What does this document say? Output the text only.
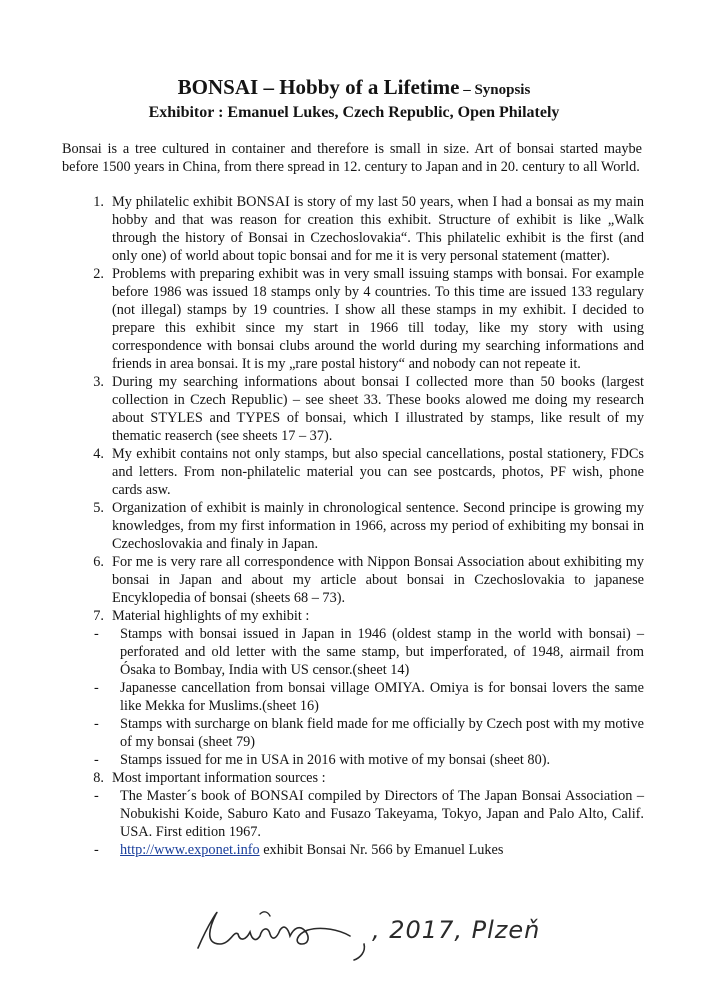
BONSAI – Hobby of a Lifetime – Synopsis
Exhibitor : Emanuel Lukes, Czech Republic, Open Philately
Bonsai is a tree cultured in container and therefore is small in size. Art of bonsai started maybe before 1500 years in China, from there spread in 12. century to Japan and in 20. century to all World.
1. My philatelic exhibit BONSAI is story of my last 50 years, when I had a bonsai as my main hobby and that was reason for creation this exhibit. Structure of exhibit is like „Walk through the history of Bonsai in Czechoslovakia“. This philatelic exhibit is the first (and only one) of world about topic bonsai and for me it is very personal statement (matter).
2. Problems with preparing exhibit was in very small issuing stamps with bonsai. For example before 1986 was issued 18 stamps only by 4 countries. To this time are issued 133 regulary (not illegal) stamps by 19 countries. I show all these stamps in my exhibit. I decided to prepare this exhibit since my start in 1966 till today, like my story with using correspondence with bonsai clubs around the world during my searching informations and friends in area bonsai. It is my „rare postal history“ and nobody can not repeate it.
3. During my searching informations about bonsai I collected more than 50 books (largest collection in Czech Republic) – see sheet 33. These books alowed me doing my research about STYLES and TYPES of bonsai, which I illustrated by stamps, like result of my thematic reaserch (see sheets 17 – 37).
4. My exhibit contains not only stamps, but also special cancellations, postal stationery, FDCs and letters. From non-philatelic material you can see postcards, photos, PF wish, phone cards asw.
5. Organization of exhibit is mainly in chronological sentence. Second principe is growing my knowledges, from my first information in 1966, across my period of exhibiting my bonsai in Czechoslovakia and finaly in Japan.
6. For me is very rare all correspondence with Nippon Bonsai Association about exhibiting my bonsai in Japan and about my article about bonsai in Czechoslovakia to japanese Encyklopedia of bonsai (sheets 68 – 73).
7. Material highlights of my exhibit :
-	Stamps with bonsai issued in Japan in 1946 (oldest stamp in the world with bonsai) – perforated and old letter with the same stamp, but imperforated, of 1948, airmail from Ósaka to Bombay, India with US censor.(sheet 14)
-	Japanesse cancellation from bonsai village OMIYA. Omiya is for bonsai lovers the same like Mekka for Muslims.(sheet 16)
-	Stamps with surcharge on blank field made for me officially by Czech post with my motive of my bonsai (sheet 79)
-	Stamps issued for me in USA in 2016 with motive of my bonsai (sheet 80).
8. Most important information sources :
-	The Master´s book of BONSAI compiled by Directors of The Japan Bonsai Association – Nobukishi Koide, Saburo Kato and Fusazo Takeyama, Tokyo, Japan and Palo Alto, Calif. USA. First edition 1967.
-	http://www.exponet.info exhibit Bonsai Nr. 566 by Emanuel Lukes
, 2017, Plzeň
